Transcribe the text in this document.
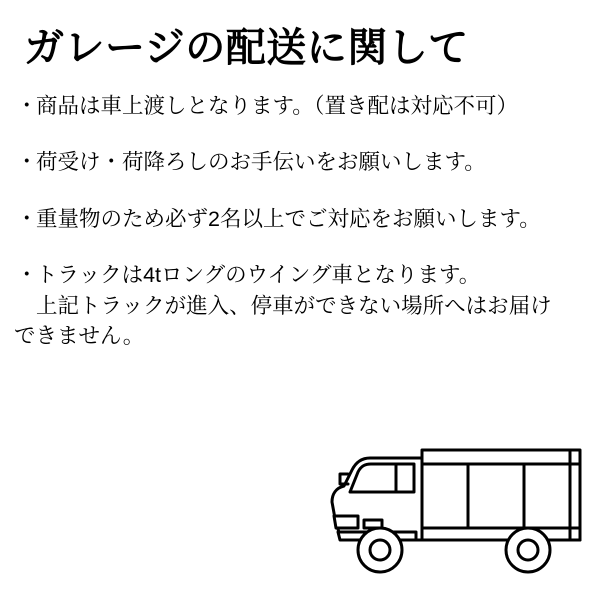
ガレージの配送に関して
・
商品は車上渡しとなります。（置き配は対応不可）
・
荷受け・荷降ろしのお手伝いをお願いします。
・
重量物のため必ず2名以上でご対応をお願いします。
・
トラックは4tロングのウイング車となります。
上記トラックが進入、停車ができない場所へはお届け
できません。
